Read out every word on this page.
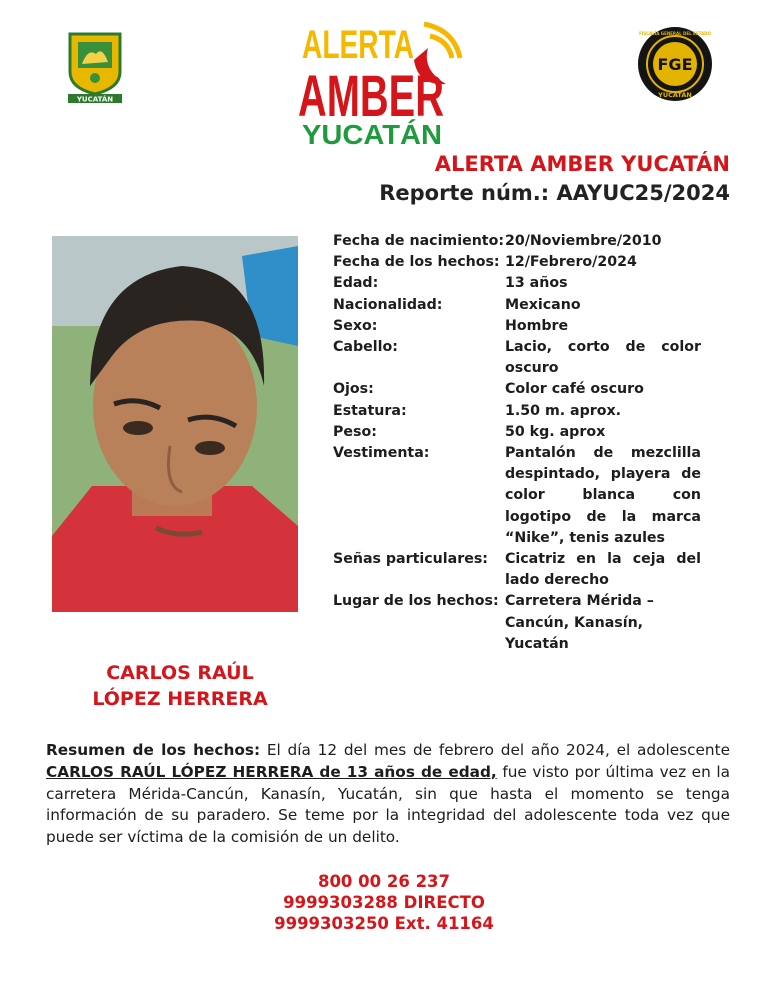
YUCATÁN
ALERTA
AMBER
YUCATÁN
FGE
YUCATÁN
FISCALÍA GENERAL DEL ESTADO
ALERTA AMBER YUCATÁN
Reporte núm.: AAYUC25/2024
Fecha de nacimiento: 20/Noviembre/2010
Fecha de los hechos: 12/Febrero/2024
Edad:	13 años
Nacionalidad:	Mexicano
Sexo:	Hombre
Cabello:	Lacio, corto de color oscuro
Ojos:	Color café oscuro
Estatura:	1.50 m. aprox.
Peso:	50 kg. aprox
Vestimenta:	Pantalón de mezclilla despintado, playera de color blanca con logotipo de la marca “Nike”, tenis azules
Señas particulares:	Cicatriz en la ceja del lado derecho
Lugar de los hechos: Carretera Mérida – Cancún, Kanasín, Yucatán
CARLOS RAÚL
LÓPEZ HERRERA
Resumen de los hechos: El día 12 del mes de febrero del año 2024, el adolescente CARLOS RAÚL LÓPEZ HERRERA de 13 años de edad, fue visto por última vez en la carretera Mérida-Cancún, Kanasín, Yucatán, sin que hasta el momento se tenga información de su paradero. Se teme por la integridad del adolescente toda vez que puede ser víctima de la comisión de un delito.
800 00 26 237
9999303288 DIRECTO
9999303250 Ext. 41164
